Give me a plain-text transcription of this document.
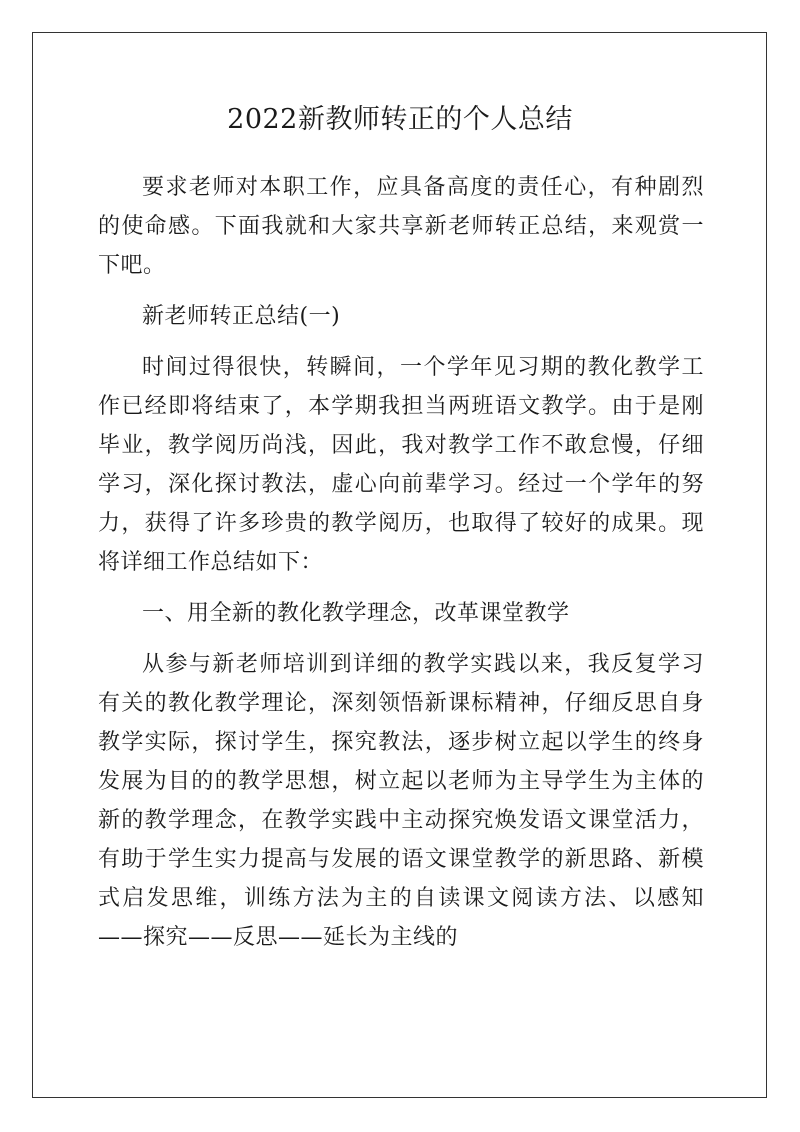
2022新教师转正的个人总结

要求老师对本职工作，应具备高度的责任心，有种剧烈的使命感。下面我就和大家共享新老师转正总结，来观赏一下吧。

新老师转正总结(一)

时间过得很快，转瞬间，一个学年见习期的教化教学工作已经即将结束了，本学期我担当两班语文教学。由于是刚毕业，教学阅历尚浅，因此，我对教学工作不敢怠慢，仔细学习，深化探讨教法，虚心向前辈学习。经过一个学年的努力，获得了许多珍贵的教学阅历，也取得了较好的成果。现将详细工作总结如下：

一、用全新的教化教学理念，改革课堂教学

从参与新老师培训到详细的教学实践以来，我反复学习有关的教化教学理论，深刻领悟新课标精神，仔细反思自身教学实际，探讨学生，探究教法，逐步树立起以学生的终身发展为目的的教学思想，树立起以老师为主导学生为主体的新的教学理念，在教学实践中主动探究焕发语文课堂活力，有助于学生实力提高与发展的语文课堂教学的新思路、新模式启发思维，训练方法为主的自读课文阅读方法、以感知——探究——反思——延长为主线的
